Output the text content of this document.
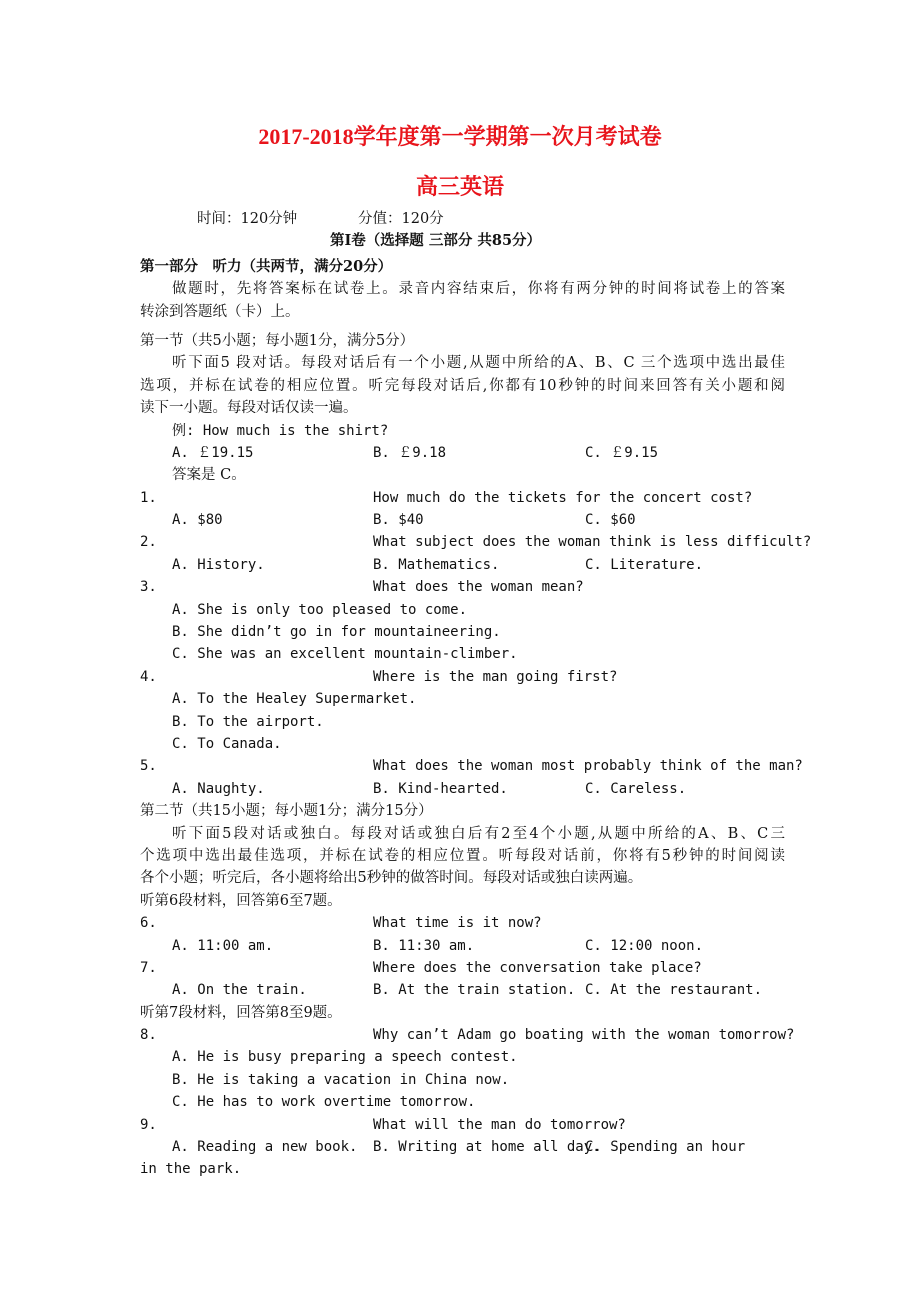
2017-2018学年度第一学期第一次月考试卷
高三英语
时间：120分钟	分值：120分
第Ⅰ卷（选择题 三部分 共85分）
第一部分　听力（共两节，满分20分）
做题时，先将答案标在试卷上。录音内容结束后，你将有两分钟的时间将试卷上的答案
转涂到答题纸（卡）上。
第一节（共5小题；每小题1分，满分5分）
听下面5 段对话。每段对话后有一个小题,从题中所给的A、B、C 三个选项中选出最佳
选项，并标在试卷的相应位置。听完每段对话后,你都有10秒钟的时间来回答有关小题和阅
读下一小题。每段对话仅读一遍。
例: How much is the shirt?
A. ￡19.15	B. ￡9.18	C. ￡9.15
答案是 C。
1.	How much do the tickets for the concert cost?
A. $80	B. $40	C. $60
2.	What subject does the woman think is less difficult?
A. History.	B. Mathematics.	C. Literature.
3.	What does the woman mean?
A. She is only too pleased to come.
B. She didn’t go in for mountaineering.
C. She was an excellent mountain-climber.
4.	Where is the man going first?
A. To the Healey Supermarket.
B. To the airport.
C. To Canada.
5.	What does the woman most probably think of the man?
A. Naughty.	B. Kind-hearted.	C. Careless.
第二节（共15小题；每小题1分；满分15分）
听下面5段对话或独白。每段对话或独白后有2至4个小题,从题中所给的A、B、C三
个选项中选出最佳选项，并标在试卷的相应位置。听每段对话前，你将有5秒钟的时间阅读
各个小题；听完后，各小题将给出5秒钟的做答时间。每段对话或独白读两遍。
听第6段材料，回答第6至7题。
6.	What time is it now?
A. 11:00 am.	B. 11:30 am.	C. 12:00 noon.
7.	Where does the conversation take place?
A. On the train.	B. At the train station. C. At the restaurant.
听第7段材料，回答第8至9题。
8.	Why can’t Adam go boating with the woman tomorrow?
A. He is busy preparing a speech contest.
B. He is taking a vacation in China now.
C. He has to work overtime tomorrow.
9.	What will the man do tomorrow?
A. Reading a new book. B. Writing at home all day.
C. Spending an hour
in the park.
